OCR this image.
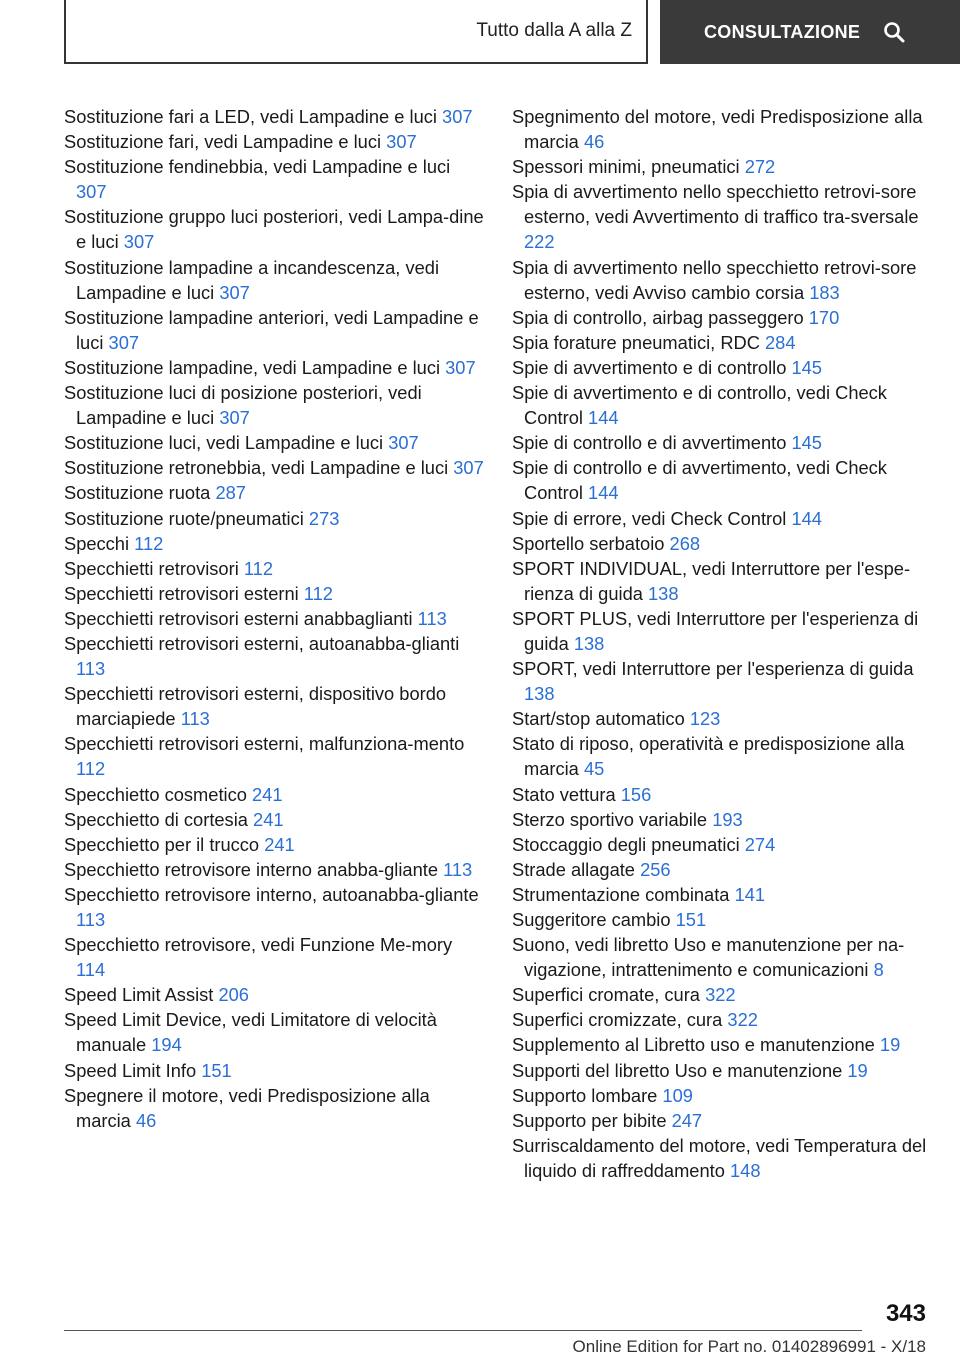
Tutto dalla A alla Z	CONSULTAZIONE
Sostituzione fari a LED, vedi Lampadine e luci 307
Sostituzione fari, vedi Lampadine e luci 307
Sostituzione fendinebbia, vedi Lampadine e luci 307
Sostituzione gruppo luci posteriori, vedi Lampa‐dine e luci 307
Sostituzione lampadine a incandescenza, vedi Lampadine e luci 307
Sostituzione lampadine anteriori, vedi Lampadine e luci 307
Sostituzione lampadine, vedi Lampadine e luci 307
Sostituzione luci di posizione posteriori, vedi Lampadine e luci 307
Sostituzione luci, vedi Lampadine e luci 307
Sostituzione retronebbia, vedi Lampadine e luci 307
Sostituzione ruota 287
Sostituzione ruote/pneumatici 273
Specchi 112
Specchietti retrovisori 112
Specchietti retrovisori esterni 112
Specchietti retrovisori esterni anabbaglianti 113
Specchietti retrovisori esterni, autoanabba‐glianti 113
Specchietti retrovisori esterni, dispositivo bordo marciapiede 113
Specchietti retrovisori esterni, malfunziona‐mento 112
Specchietto cosmetico 241
Specchietto di cortesia 241
Specchietto per il trucco 241
Specchietto retrovisore interno anabba‐gliante 113
Specchietto retrovisore interno, autoanabba‐gliante 113
Specchietto retrovisore, vedi Funzione Me‐mory 114
Speed Limit Assist 206
Speed Limit Device, vedi Limitatore di velocità manuale 194
Speed Limit Info 151
Spegnere il motore, vedi Predisposizione alla marcia 46
Spegnimento del motore, vedi Predisposizione alla marcia 46
Spessori minimi, pneumatici 272
Spia di avvertimento nello specchietto retrovi‐sore esterno, vedi Avvertimento di traffico tra‐sversale 222
Spia di avvertimento nello specchietto retrovi‐sore esterno, vedi Avviso cambio corsia 183
Spia di controllo, airbag passeggero 170
Spia forature pneumatici, RDC 284
Spie di avvertimento e di controllo 145
Spie di avvertimento e di controllo, vedi Check Control 144
Spie di controllo e di avvertimento 145
Spie di controllo e di avvertimento, vedi Check Control 144
Spie di errore, vedi Check Control 144
Sportello serbatoio 268
SPORT INDIVIDUAL, vedi Interruttore per l'espe‐rienza di guida 138
SPORT PLUS, vedi Interruttore per l'esperienza di guida 138
SPORT, vedi Interruttore per l'esperienza di guida 138
Start/stop automatico 123
Stato di riposo, operatività e predisposizione alla marcia 45
Stato vettura 156
Sterzo sportivo variabile 193
Stoccaggio degli pneumatici 274
Strade allagate 256
Strumentazione combinata 141
Suggeritore cambio 151
Suono, vedi libretto Uso e manutenzione per na‐vigazione, intrattenimento e comunicazioni 8
Superfici cromate, cura 322
Superfici cromizzate, cura 322
Supplemento al Libretto uso e manutenzione 19
Supporti del libretto Uso e manutenzione 19
Supporto lombare 109
Supporto per bibite 247
Surriscaldamento del motore, vedi Temperatura del liquido di raffreddamento 148
343
Online Edition for Part no. 01402896991 - X/18
